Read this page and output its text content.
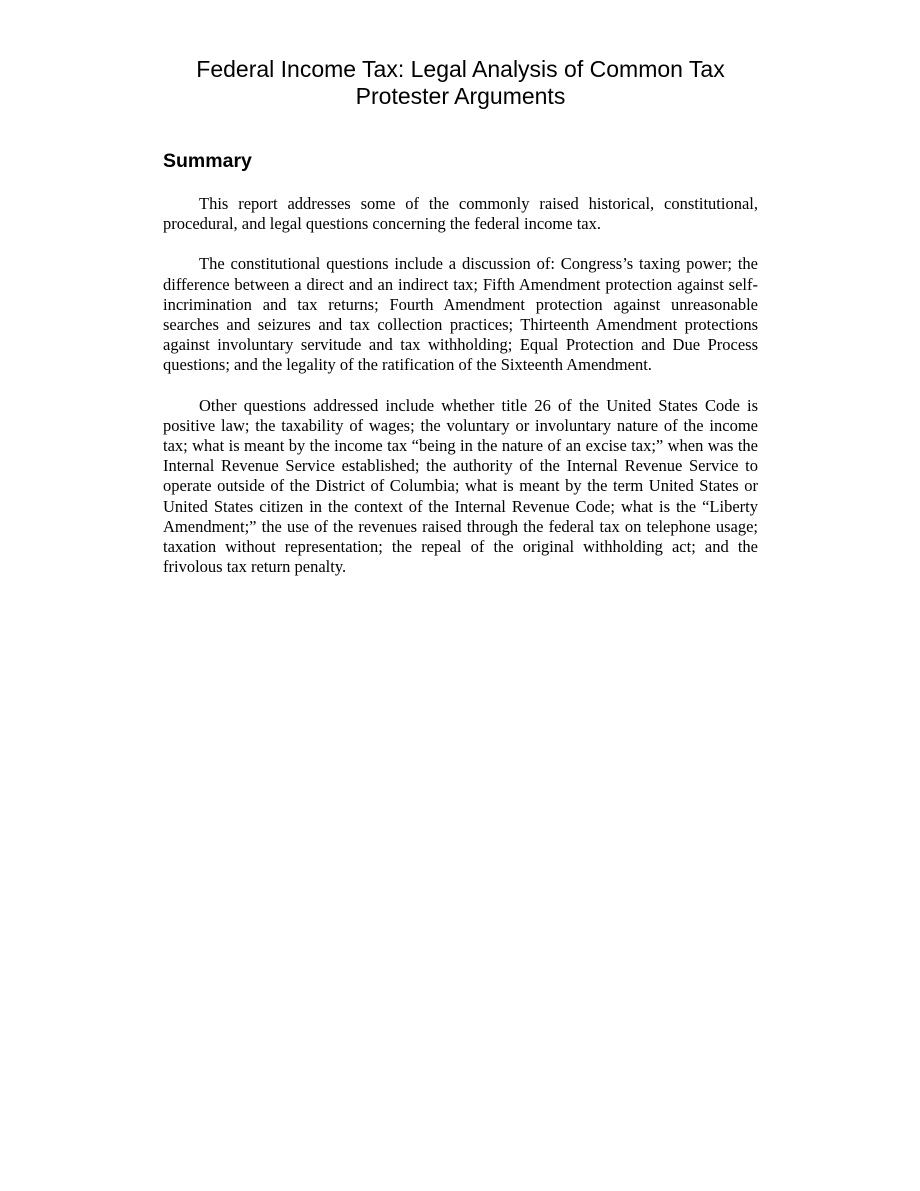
Federal Income Tax: Legal Analysis of Common Tax Protester Arguments
Summary

This report addresses some of the commonly raised historical, constitutional, procedural, and legal questions concerning the federal income tax.

The constitutional questions include a discussion of: Congress’s taxing power; the difference between a direct and an indirect tax; Fifth Amendment protection against self-incrimination and tax returns; Fourth Amendment protection against unreasonable searches and seizures and tax collection practices; Thirteenth Amendment protections against involuntary servitude and tax withholding; Equal Protection and Due Process questions; and the legality of the ratification of the Sixteenth Amendment.

Other questions addressed include whether title 26 of the United States Code is positive law; the taxability of wages; the voluntary or involuntary nature of the income tax; what is meant by the income tax “being in the nature of an excise tax;” when was the Internal Revenue Service established; the authority of the Internal Revenue Service to operate outside of the District of Columbia; what is meant by the term United States or United States citizen in the context of the Internal Revenue Code; what is the “Liberty Amendment;” the use of the revenues raised through the federal tax on telephone usage; taxation without representation; the repeal of the original withholding act; and the frivolous tax return penalty.
